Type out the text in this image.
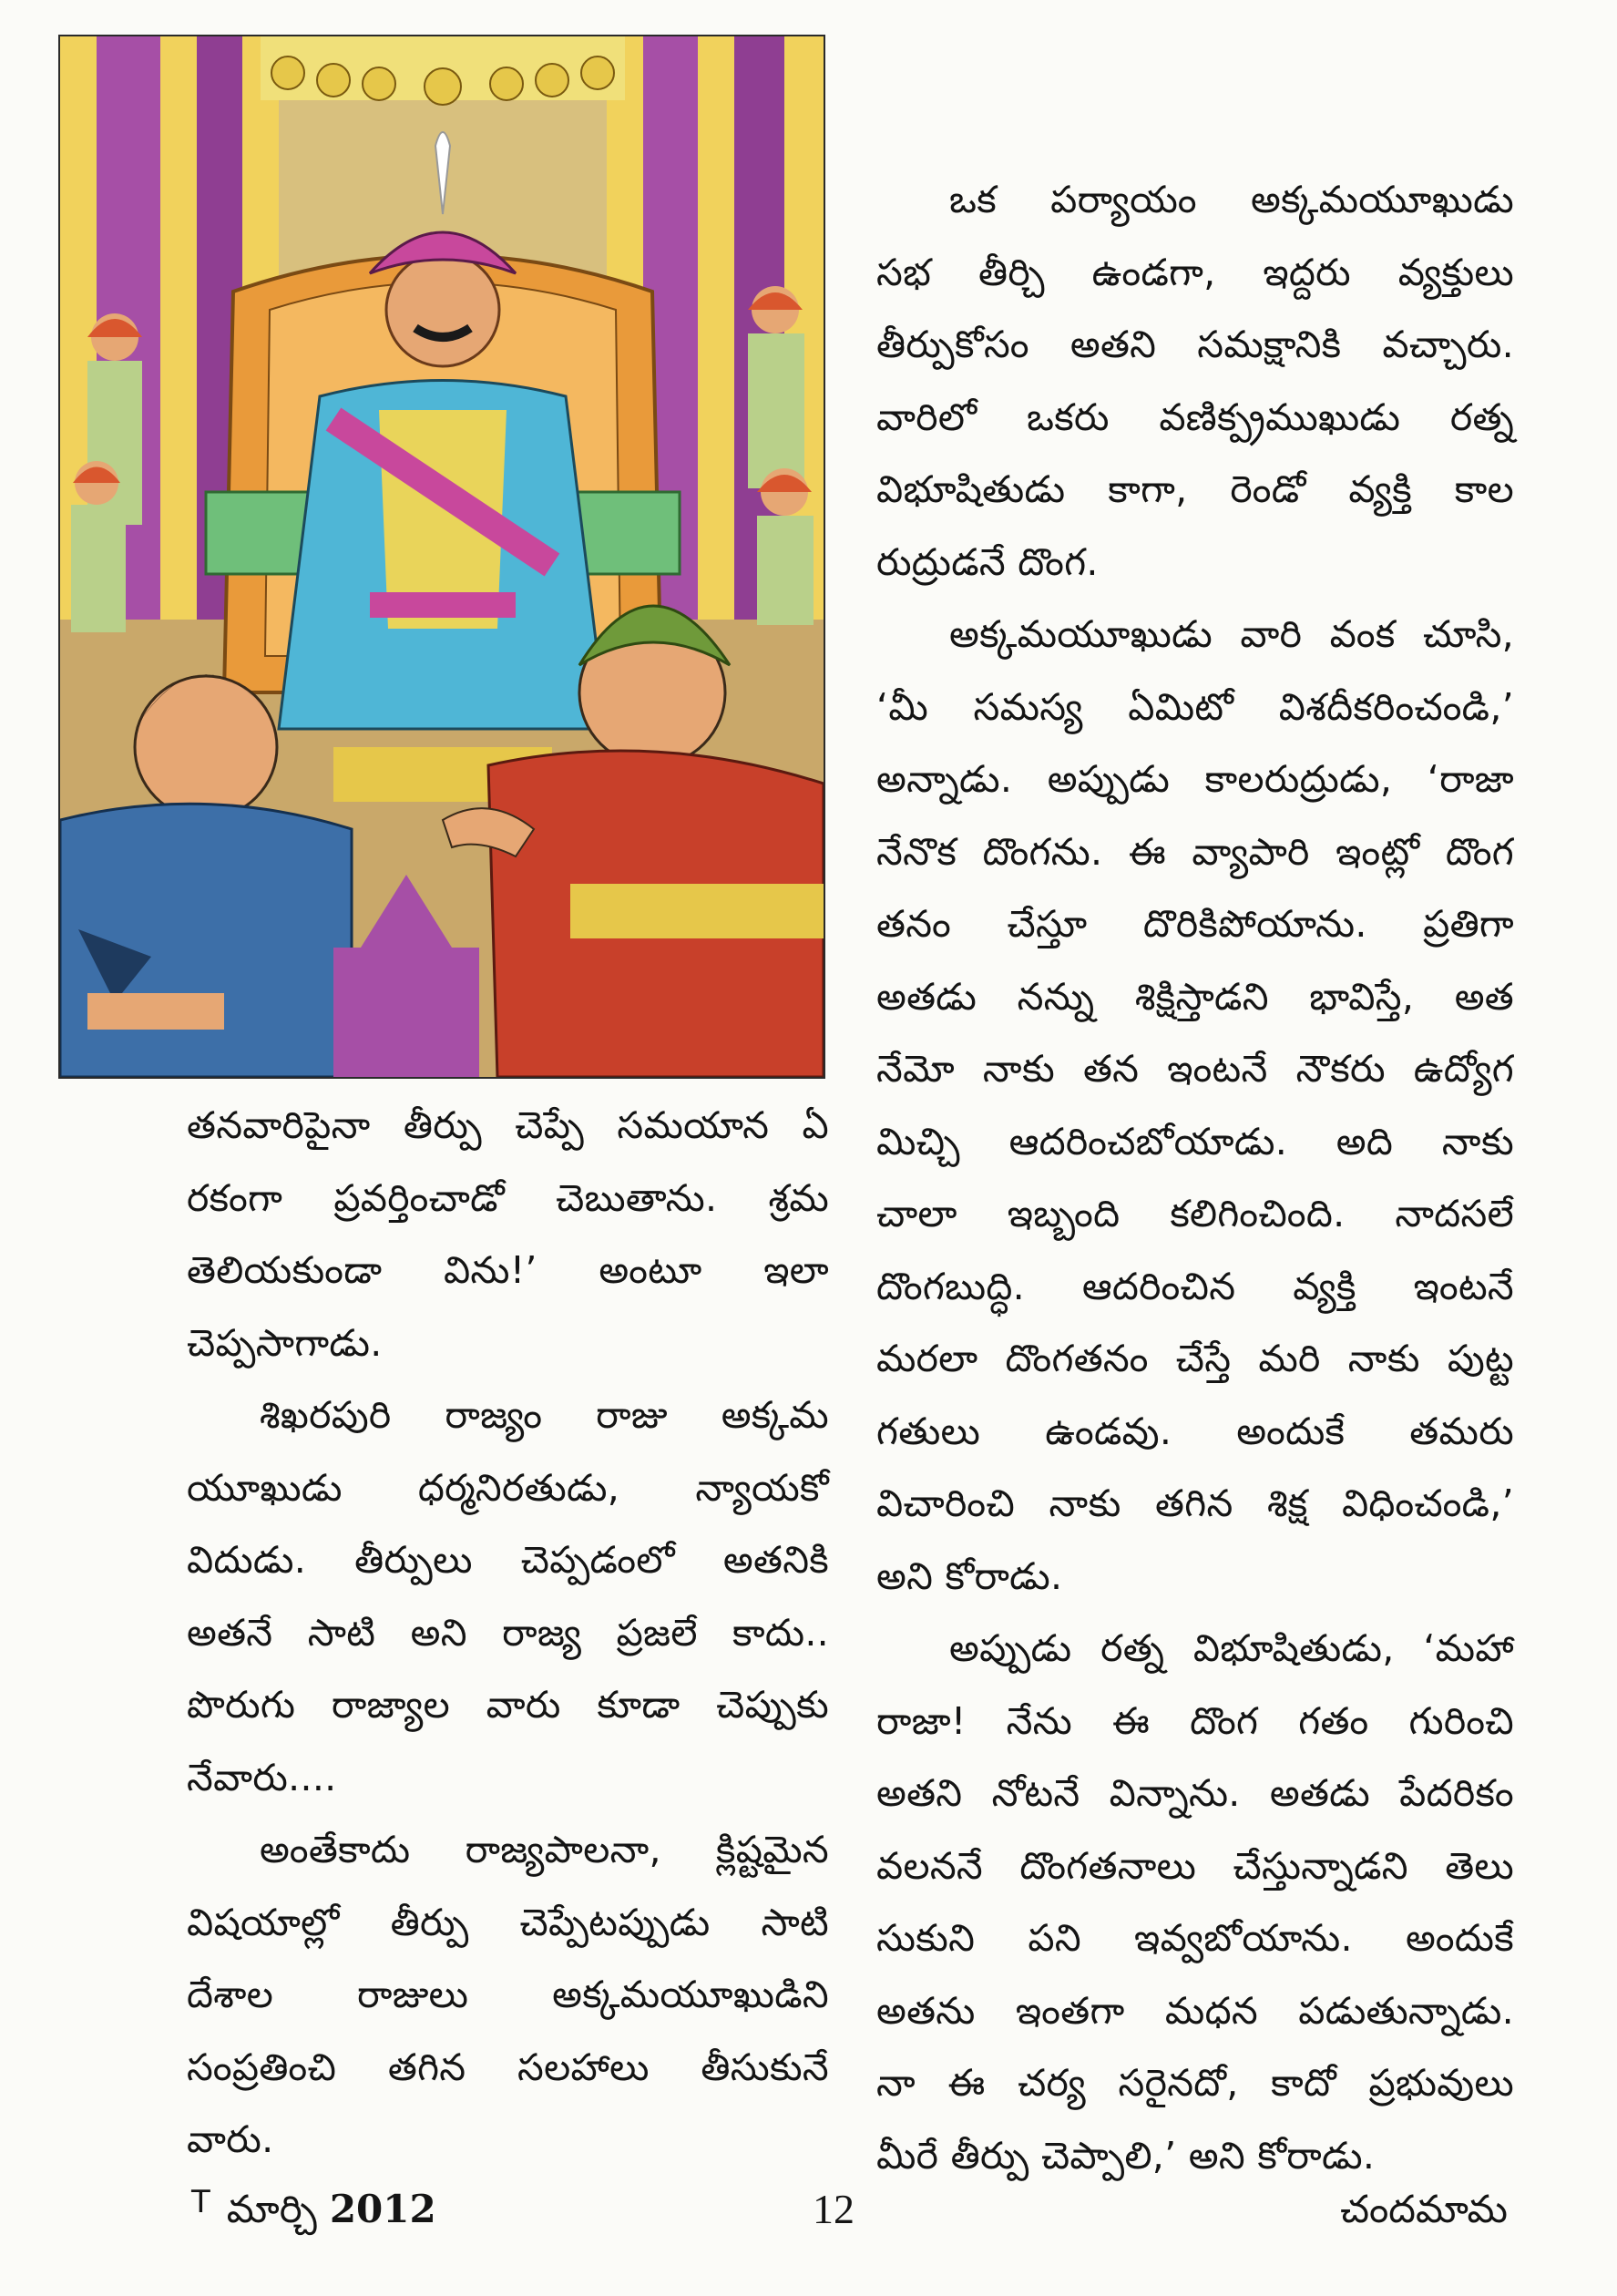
ఒక పర్యాయం అక్కమయూఖుడు
సభ తీర్చి ఉండగా, ఇద్దరు వ్యక్తులు
తీర్పుకోసం అతని సమక్షానికి వచ్చారు.
వారిలో ఒకరు వణిక్ప్రముఖుడు రత్న
విభూషితుడు కాగా, రెండో వ్యక్తి కాల
రుద్రుడనే దొంగ.
అక్కమయూఖుడు వారి వంక చూసి,
‘మీ సమస్య ఏమిటో విశదీకరించండి,’
అన్నాడు. అప్పుడు కాలరుద్రుడు, ‘రాజా
నేనొక దొంగను. ఈ వ్యాపారి ఇంట్లో దొంగ
తనం చేస్తూ దొరికిపోయాను. ప్రతిగా
అతడు నన్ను శిక్షిస్తాడని భావిస్తే, అత
నేమో నాకు తన ఇంటనే నౌకరు ఉద్యోగ
మిచ్చి ఆదరించబోయాడు. అది నాకు
చాలా ఇబ్బంది కలిగించింది. నాదసలే
దొంగబుద్ధి. ఆదరించిన వ్యక్తి ఇంటనే
మరలా దొంగతనం చేస్తే మరి నాకు పుట్ట
గతులు ఉండవు. అందుకే తమరు
విచారించి నాకు తగిన శిక్ష విధించండి,’
అని కోరాడు.
అప్పుడు రత్న విభూషితుడు, ‘మహా
రాజా! నేను ఈ దొంగ గతం గురించి
అతని నోటనే విన్నాను. అతడు పేదరికం
వలననే దొంగతనాలు చేస్తున్నాడని తెలు
సుకుని పని ఇవ్వబోయాను. అందుకే
అతను ఇంతగా మధన పడుతున్నాడు.
నా ఈ చర్య సరైనదో, కాదో ప్రభువులు
మీరే తీర్పు చెప్పాలి,’ అని కోరాడు.
తనవారిపైనా తీర్పు చెప్పే సమయాన ఏ
రకంగా ప్రవర్తించాడో చెబుతాను. శ్రమ
తెలియకుండా విను!’ అంటూ ఇలా
చెప్పసాగాడు.
శిఖరపురి రాజ్యం రాజు అక్కమ
యూఖుడు ధర్మనిరతుడు, న్యాయకో
విదుడు. తీర్పులు చెప్పడంలో అతనికి
అతనే సాటి అని రాజ్య ప్రజలే కాదు..
పొరుగు రాజ్యాల వారు కూడా చెప్పుకు
నేవారు....
అంతేకాదు రాజ్యపాలనా, క్లిష్టమైన
విషయాల్లో తీర్పు చెప్పేటప్పుడు సాటి
దేశాల రాజులు అక్కమయూఖుడిని
సంప్రతించి తగిన సలహాలు తీసుకునే
వారు.
$^T$ మార్చి 2012	12	చందమామ
